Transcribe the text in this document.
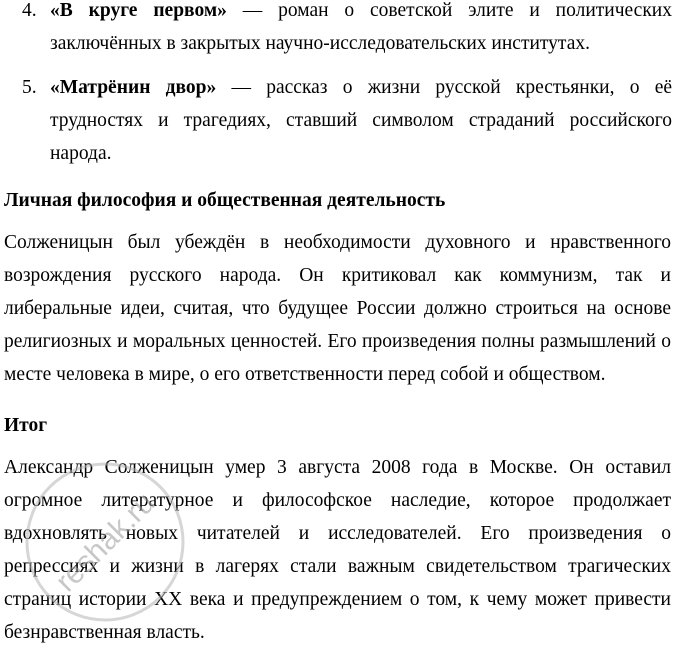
4. «В круге первом» — роман о советской элите и политических заключённых в закрытых научно-исследовательских институтах.
5. «Матрёнин двор» — рассказ о жизни русской крестьянки, о её трудностях и трагедиях, ставший символом страданий российского народа.
Личная философия и общественная деятельность
Солженицын был убеждён в необходимости духовного и нравственного возрождения русского народа. Он критиковал как коммунизм, так и либеральные идеи, считая, что будущее России должно строиться на основе религиозных и моральных ценностей. Его произведения полны размышлений о месте человека в мире, о его ответственности перед собой и обществом.
Итог
Александр Солженицын умер 3 августа 2008 года в Москве. Он оставил огромное литературное и философское наследие, которое продолжает вдохновлять новых читателей и исследователей. Его произведения о репрессиях и жизни в лагерях стали важным свидетельством трагических страниц истории XX века и предупреждением о том, к чему может привести безнравственная власть.
reshak.ru
